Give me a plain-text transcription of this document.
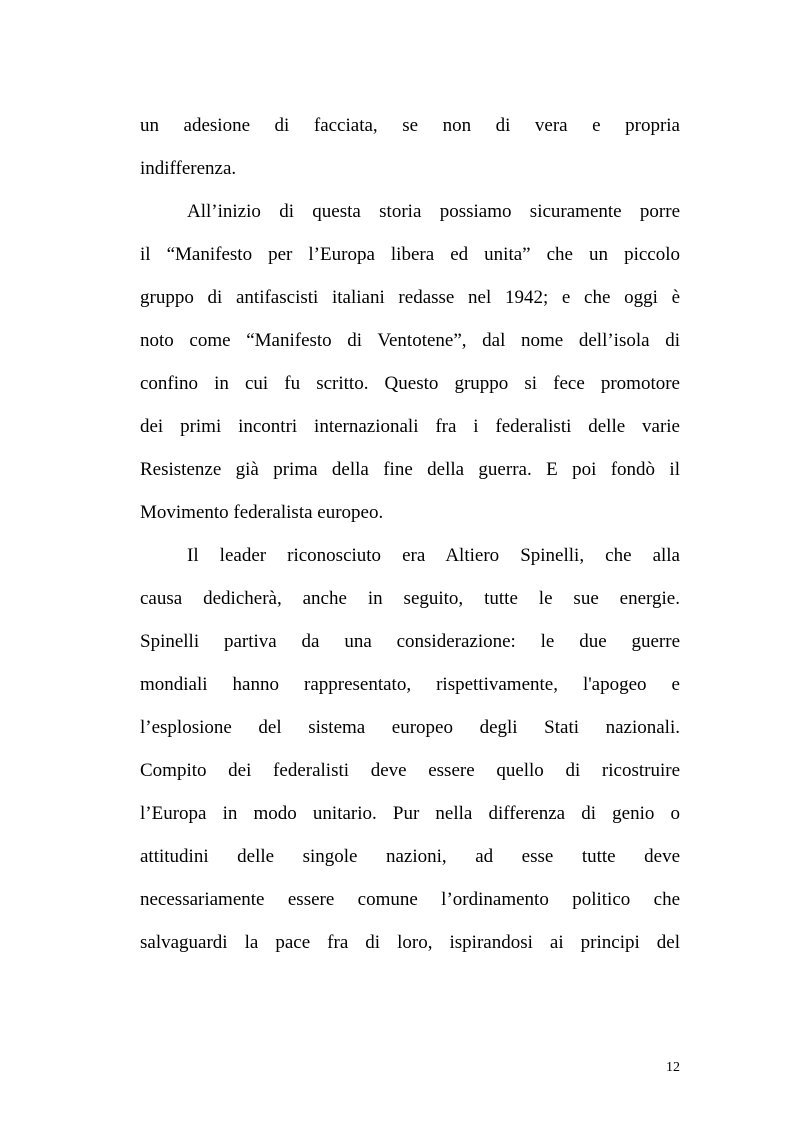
un adesione di facciata, se non di vera e propria
indifferenza.
All’inizio di questa storia possiamo sicuramente porre
il “Manifesto per l’Europa libera ed unita” che un piccolo
gruppo di antifascisti italiani redasse nel 1942; e che oggi è
noto come “Manifesto di Ventotene”, dal nome dell’isola di
confino in cui fu scritto. Questo gruppo si fece promotore
dei primi incontri internazionali fra i federalisti delle varie
Resistenze già prima della fine della guerra. E poi fondò il
Movimento federalista europeo.
Il leader riconosciuto era Altiero Spinelli, che alla
causa dedicherà, anche in seguito, tutte le sue energie.
Spinelli partiva da una considerazione: le due guerre
mondiali hanno rappresentato, rispettivamente, l'apogeo e
l’esplosione del sistema europeo degli Stati nazionali.
Compito dei federalisti deve essere quello di ricostruire
l’Europa in modo unitario. Pur nella differenza di genio o
attitudini delle singole nazioni, ad esse tutte deve
necessariamente essere comune l’ordinamento politico che
salvaguardi la pace fra di loro, ispirandosi ai principi del
12
